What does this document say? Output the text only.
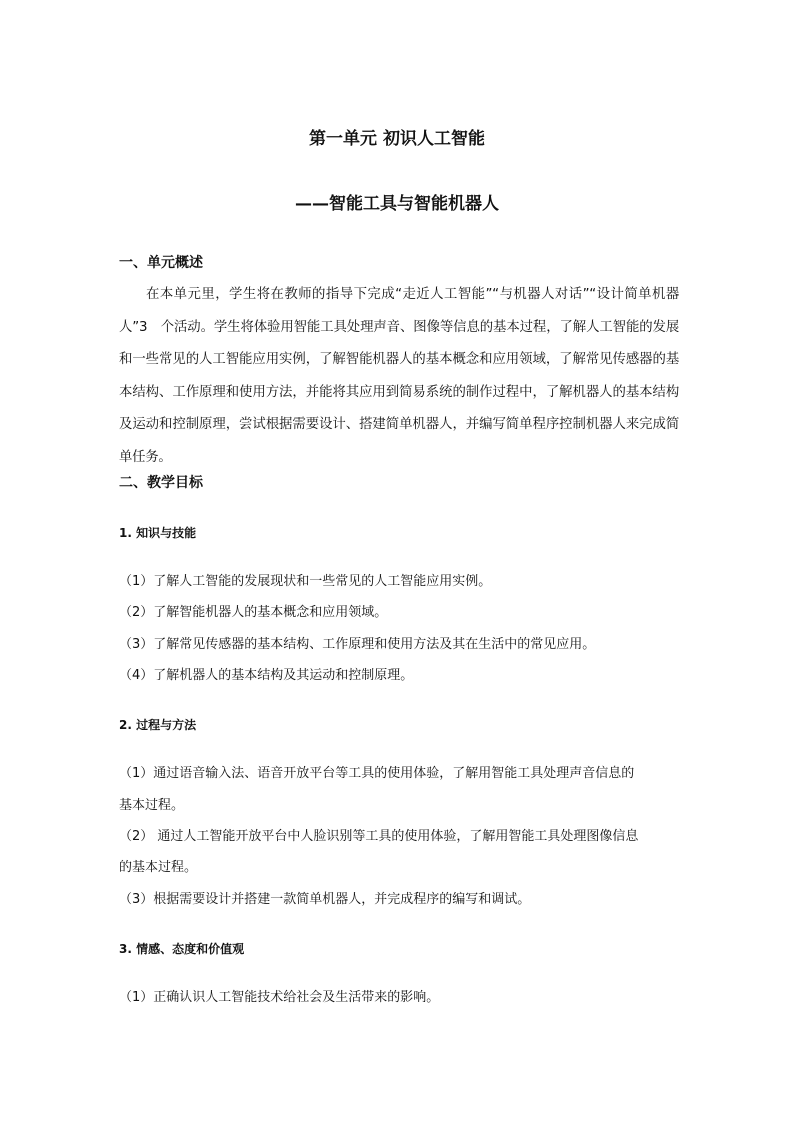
第一单元 初识人工智能
——智能工具与智能机器人
一、单元概述
在本单元里，学生将在教师的指导下完成“走近人工智能”“与机器人对话”“设计简单机器人”3　个活动。学生将体验用智能工具处理声音、图像等信息的基本过程，了解人工智能的发展和一些常见的人工智能应用实例，了解智能机器人的基本概念和应用领域，了解常见传感器的基本结构、工作原理和使用方法，并能将其应用到简易系统的制作过程中，了解机器人的基本结构及运动和控制原理，尝试根据需要设计、搭建简单机器人，并编写简单程序控制机器人来完成简单任务。
二、教学目标
1. 知识与技能
（1）了解人工智能的发展现状和一些常见的人工智能应用实例。
（2）了解智能机器人的基本概念和应用领域。
（3）了解常见传感器的基本结构、工作原理和使用方法及其在生活中的常见应用。
（4）了解机器人的基本结构及其运动和控制原理。
2. 过程与方法
（1）通过语音输入法、语音开放平台等工具的使用体验，了解用智能工具处理声音信息的
基本过程。
（2） 通过人工智能开放平台中人脸识别等工具的使用体验，了解用智能工具处理图像信息
的基本过程。
（3）根据需要设计并搭建一款简单机器人，并完成程序的编写和调试。
3. 情感、态度和价值观
（1）正确认识人工智能技术给社会及生活带来的影响。
